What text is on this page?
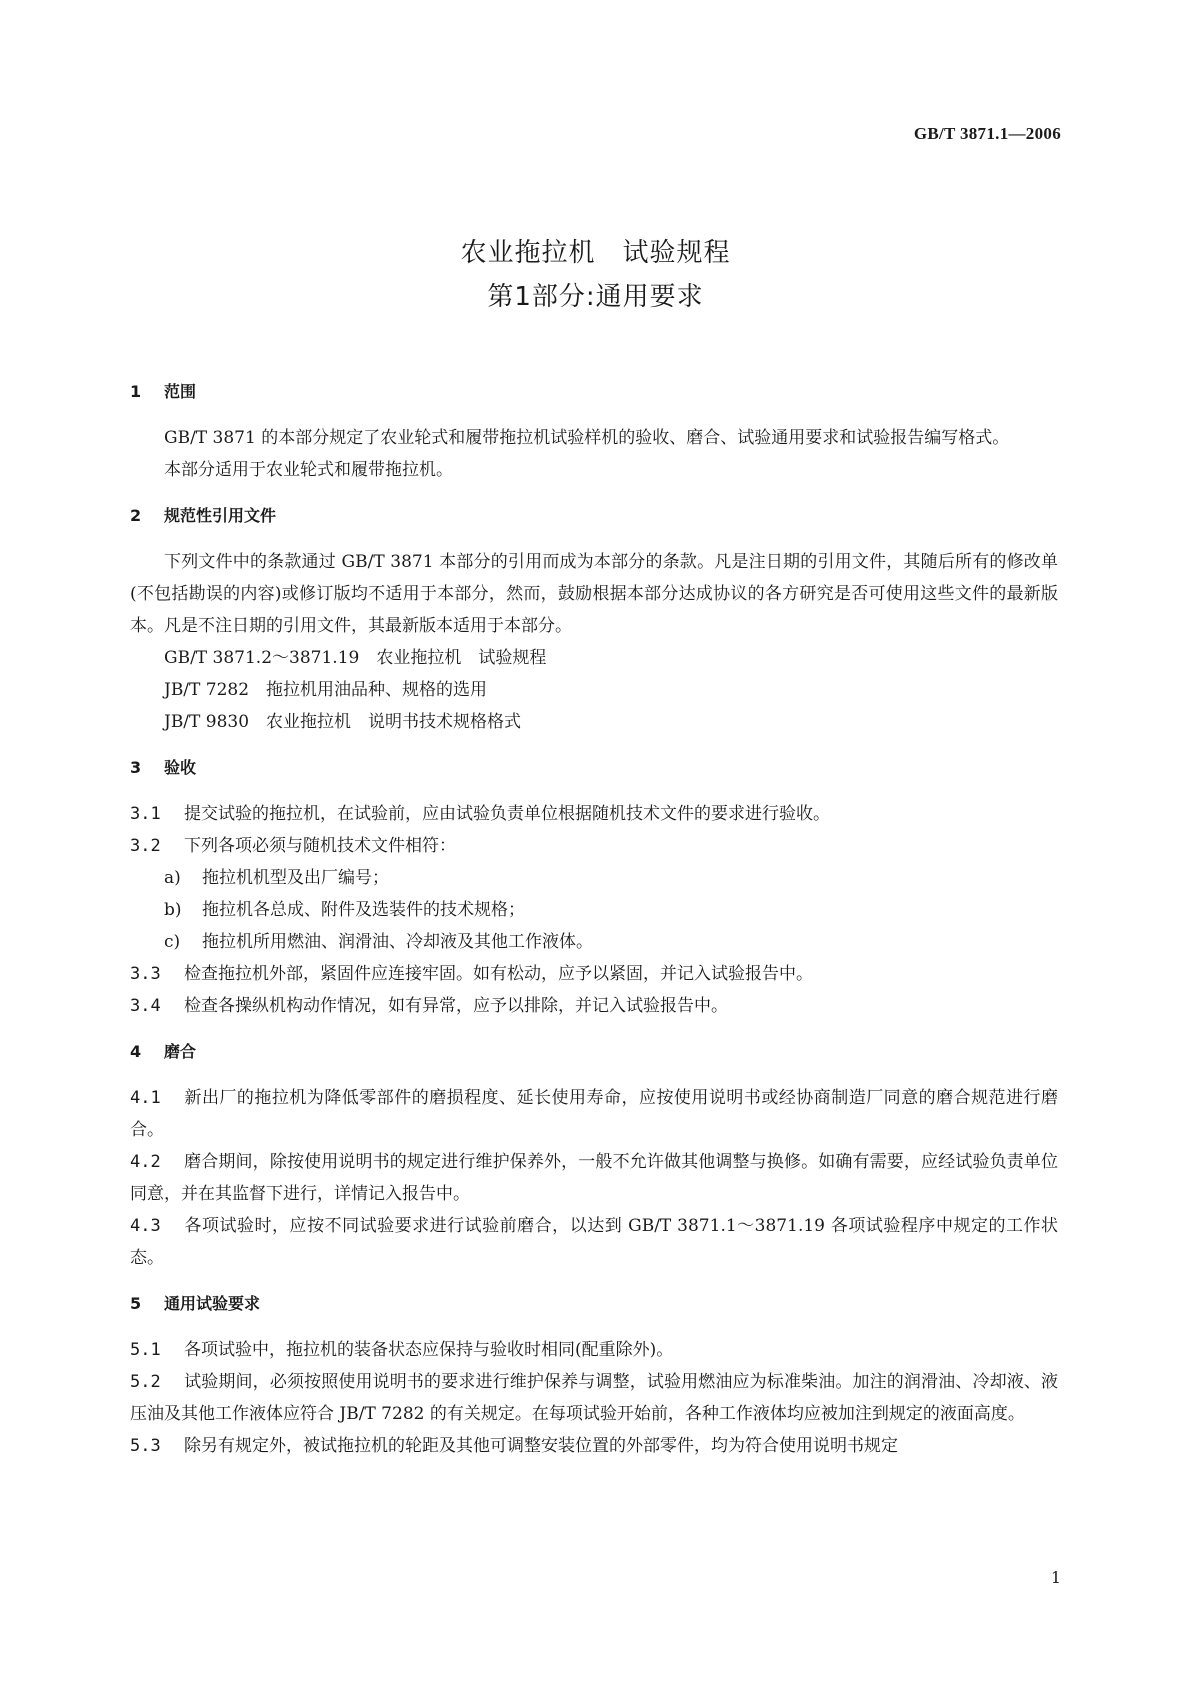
GB/T 3871.1—2006
农业拖拉机　试验规程
第1部分:通用要求
1	范围

GB/T 3871 的本部分规定了农业轮式和履带拖拉机试验样机的验收、磨合、试验通用要求和试验报告编写格式。

本部分适用于农业轮式和履带拖拉机。

2	规范性引用文件

下列文件中的条款通过 GB/T 3871 本部分的引用而成为本部分的条款。凡是注日期的引用文件，其随后所有的修改单(不包括勘误的内容)或修订版均不适用于本部分，然而，鼓励根据本部分达成协议的各方研究是否可使用这些文件的最新版本。凡是不注日期的引用文件，其最新版本适用于本部分。

GB/T 3871.2～3871.19　农业拖拉机　试验规程

JB/T 7282　拖拉机用油品种、规格的选用

JB/T 9830　农业拖拉机　说明书技术规格格式

3	验收

3.1 提交试验的拖拉机，在试验前，应由试验负责单位根据随机技术文件的要求进行验收。

3.2 下列各项必须与随机技术文件相符：

a) 拖拉机机型及出厂编号；

b) 拖拉机各总成、附件及选装件的技术规格；

c) 拖拉机所用燃油、润滑油、冷却液及其他工作液体。

3.3 检查拖拉机外部，紧固件应连接牢固。如有松动，应予以紧固，并记入试验报告中。

3.4 检查各操纵机构动作情况，如有异常，应予以排除，并记入试验报告中。

4	磨合

4.1 新出厂的拖拉机为降低零部件的磨损程度、延长使用寿命，应按使用说明书或经协商制造厂同意的磨合规范进行磨合。

4.2 磨合期间，除按使用说明书的规定进行维护保养外，一般不允许做其他调整与换修。如确有需要，应经试验负责单位同意，并在其监督下进行，详情记入报告中。

4.3 各项试验时，应按不同试验要求进行试验前磨合，以达到 GB/T 3871.1～3871.19 各项试验程序中规定的工作状态。

5	通用试验要求

5.1 各项试验中，拖拉机的装备状态应保持与验收时相同(配重除外)。

5.2 试验期间，必须按照使用说明书的要求进行维护保养与调整，试验用燃油应为标准柴油。加注的润滑油、冷却液、液压油及其他工作液体应符合 JB/T 7282 的有关规定。在每项试验开始前，各种工作液体均应被加注到规定的液面高度。

5.3 除另有规定外，被试拖拉机的轮距及其他可调整安装位置的外部零件，均为符合使用说明书规定

1
